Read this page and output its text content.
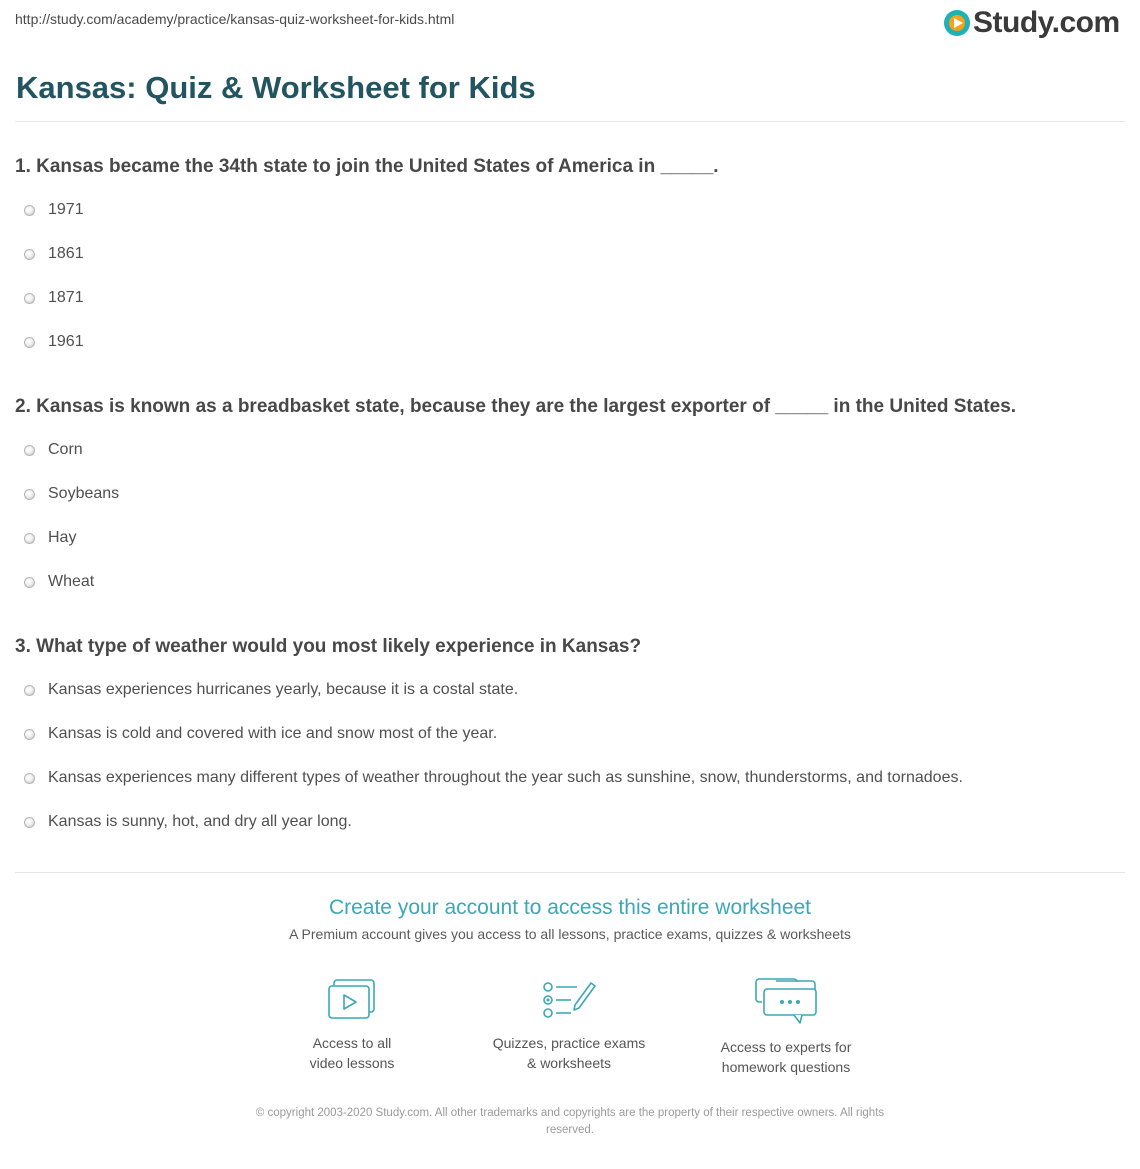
http://study.com/academy/practice/kansas-quiz-worksheet-for-kids.html	Study.com
Kansas: Quiz & Worksheet for Kids
1. Kansas became the 34th state to join the United States of America in _____.
1971
1861
1871
1961
2. Kansas is known as a breadbasket state, because they are the largest exporter of _____ in the United States.
Corn
Soybeans
Hay
Wheat
3. What type of weather would you most likely experience in Kansas?
Kansas experiences hurricanes yearly, because it is a costal state.
Kansas is cold and covered with ice and snow most of the year.
Kansas experiences many different types of weather throughout the year such as sunshine, snow, thunderstorms, and tornadoes.
Kansas is sunny, hot, and dry all year long.
Create your account to access this entire worksheet
A Premium account gives you access to all lessons, practice exams, quizzes & worksheets
Access to all
video lessons
Quizzes, practice exams
& worksheets
Access to experts for
homework questions
© copyright 2003-2020 Study.com. All other trademarks and copyrights are the property of their respective owners. All rights
reserved.
